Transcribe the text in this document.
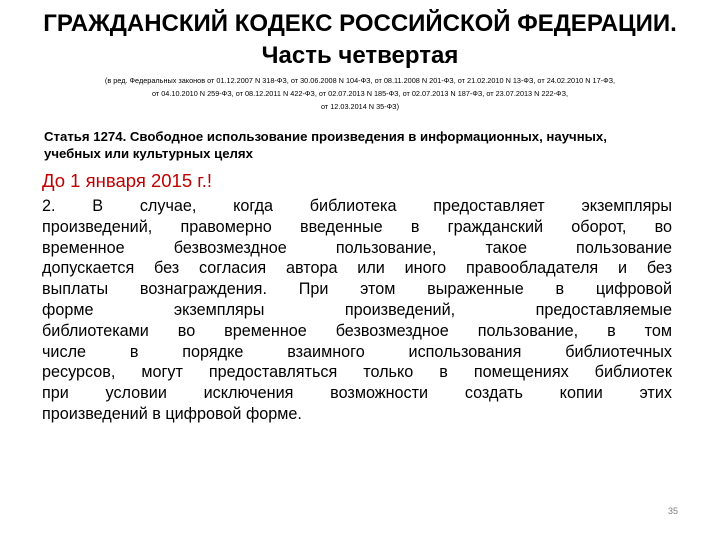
ГРАЖДАНСКИЙ КОДЕКС РОССИЙСКОЙ ФЕДЕРАЦИИ.
Часть четвертая
(в ред. Федеральных законов от 01.12.2007 N 318-ФЗ, от 30.06.2008 N 104-ФЗ, от 08.11.2008 N 201-ФЗ, от 21.02.2010 N 13-ФЗ, от 24.02.2010 N 17-ФЗ,
от 04.10.2010 N 259-ФЗ, от 08.12.2011 N 422-ФЗ, от 02.07.2013 N 185-ФЗ, от 02.07.2013 N 187-ФЗ, от 23.07.2013 N 222-ФЗ,
от 12.03.2014 N 35-ФЗ)
Статья 1274. Свободное использование произведения в информационных, научных,
учебных или культурных целях
До 1 января 2015 г.!
2. В случае, когда библиотека предоставляет экземпляры
произведений, правомерно введенные в гражданский оборот, во
временное безвозмездное пользование, такое пользование
допускается без согласия автора или иного правообладателя и без
выплаты вознаграждения. При этом выраженные в цифровой
форме экземпляры произведений, предоставляемые
библиотеками во временное безвозмездное пользование, в том
числе в порядке взаимного использования библиотечных
ресурсов, могут предоставляться только в помещениях библиотек
при условии исключения возможности создать копии этих
произведений в цифровой форме.
35
